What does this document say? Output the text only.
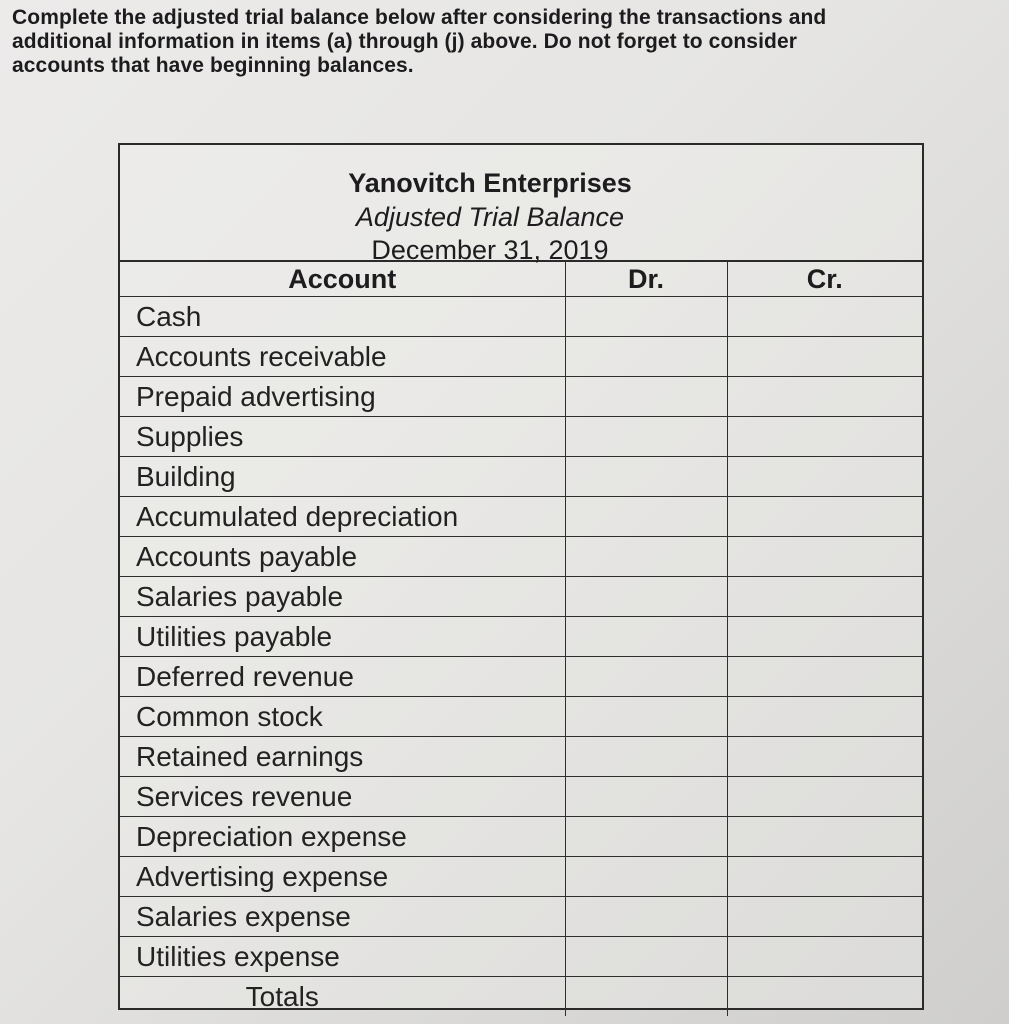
Complete the adjusted trial balance below after considering the transactions and
additional information in items (a) through (j) above. Do not forget to consider
accounts that have beginning balances.
Yanovitch Enterprises
Adjusted Trial Balance
December 31, 2019
Account	Dr.	Cr.
Cash		
Accounts receivable		
Prepaid advertising		
Supplies		
Building		
Accumulated depreciation		
Accounts payable		
Salaries payable		
Utilities payable		
Deferred revenue		
Common stock		
Retained earnings		
Services revenue		
Depreciation expense		
Advertising expense		
Salaries expense		
Utilities expense		
Totals		
